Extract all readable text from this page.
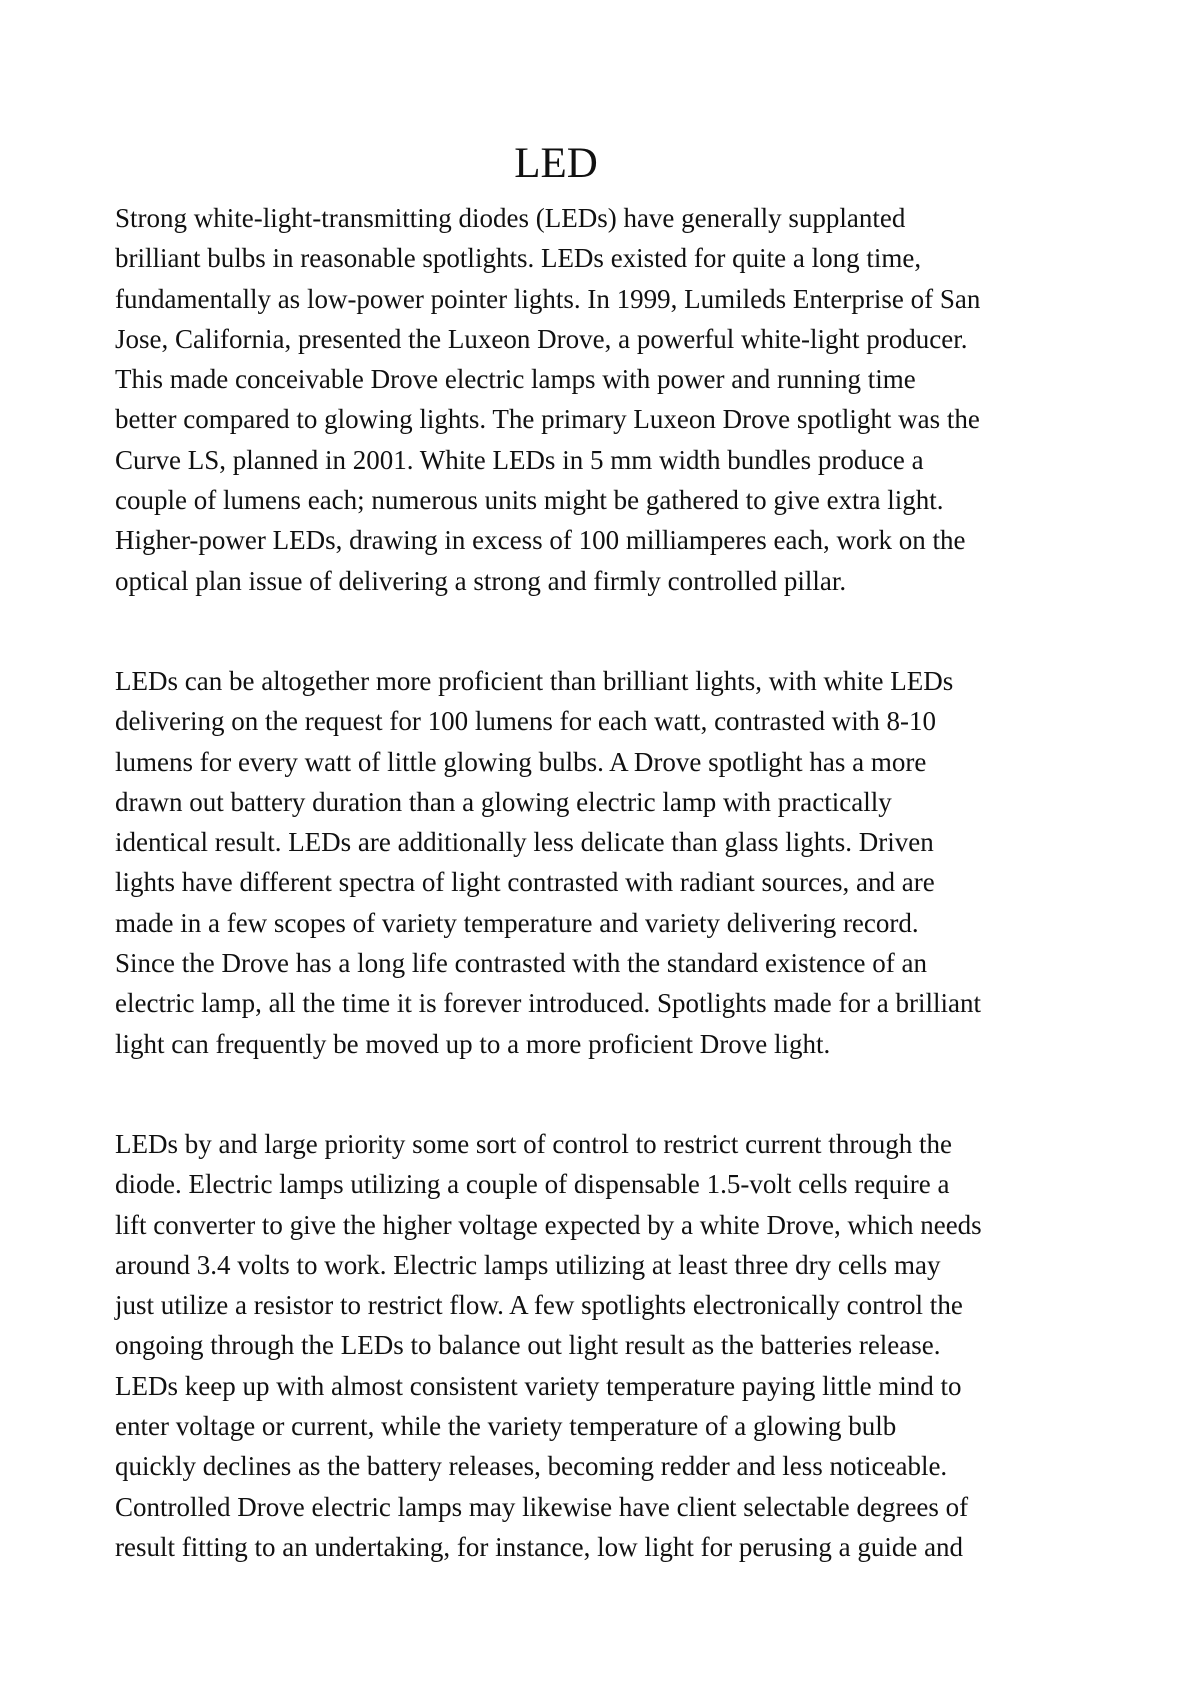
LED

Strong white-light-transmitting diodes (LEDs) have generally supplanted
brilliant bulbs in reasonable spotlights. LEDs existed for quite a long time,
fundamentally as low-power pointer lights. In 1999, Lumileds Enterprise of San
Jose, California, presented the Luxeon Drove, a powerful white-light producer.
This made conceivable Drove electric lamps with power and running time
better compared to glowing lights. The primary Luxeon Drove spotlight was the
Curve LS, planned in 2001. White LEDs in 5 mm width bundles produce a
couple of lumens each; numerous units might be gathered to give extra light.
Higher-power LEDs, drawing in excess of 100 milliamperes each, work on the
optical plan issue of delivering a strong and firmly controlled pillar.

LEDs can be altogether more proficient than brilliant lights, with white LEDs
delivering on the request for 100 lumens for each watt, contrasted with 8-10
lumens for every watt of little glowing bulbs. A Drove spotlight has a more
drawn out battery duration than a glowing electric lamp with practically
identical result. LEDs are additionally less delicate than glass lights. Driven
lights have different spectra of light contrasted with radiant sources, and are
made in a few scopes of variety temperature and variety delivering record.
Since the Drove has a long life contrasted with the standard existence of an
electric lamp, all the time it is forever introduced. Spotlights made for a brilliant
light can frequently be moved up to a more proficient Drove light.

LEDs by and large priority some sort of control to restrict current through the
diode. Electric lamps utilizing a couple of dispensable 1.5-volt cells require a
lift converter to give the higher voltage expected by a white Drove, which needs
around 3.4 volts to work. Electric lamps utilizing at least three dry cells may
just utilize a resistor to restrict flow. A few spotlights electronically control the
ongoing through the LEDs to balance out light result as the batteries release.
LEDs keep up with almost consistent variety temperature paying little mind to
enter voltage or current, while the variety temperature of a glowing bulb
quickly declines as the battery releases, becoming redder and less noticeable.
Controlled Drove electric lamps may likewise have client selectable degrees of
result fitting to an undertaking, for instance, low light for perusing a guide and
